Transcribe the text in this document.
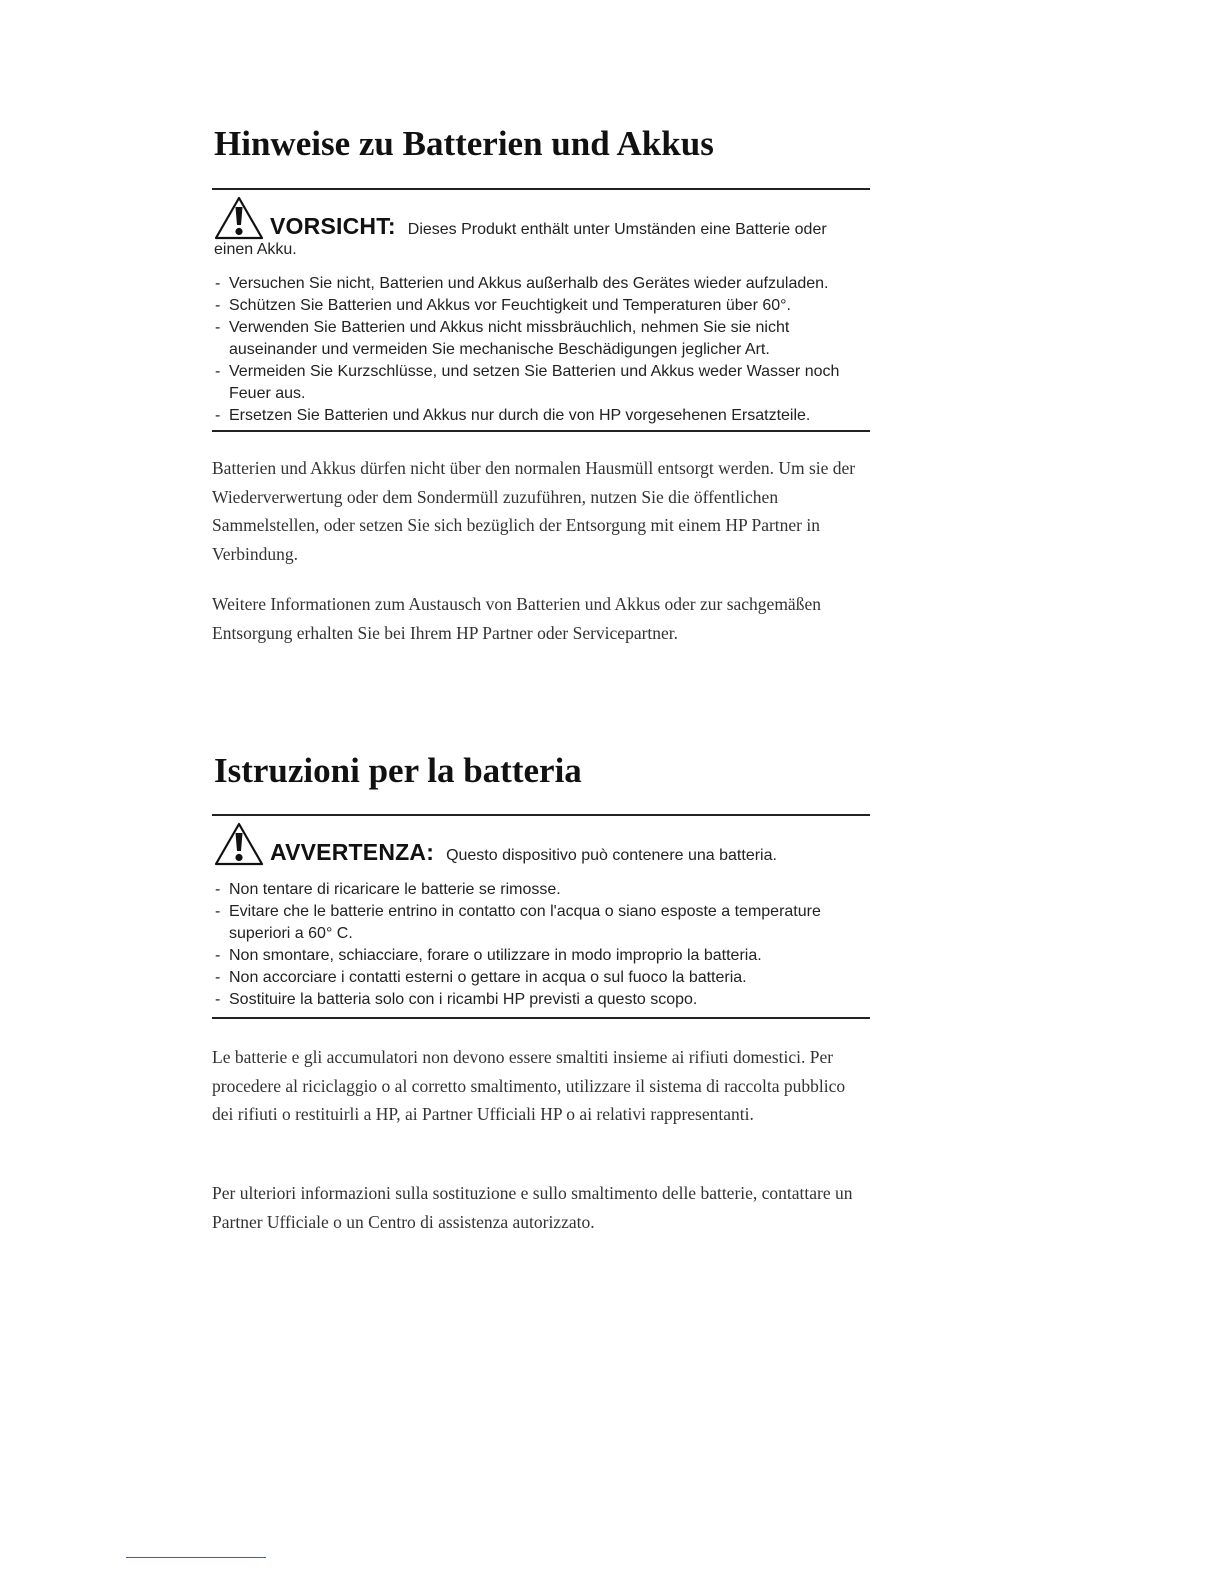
Hinweise zu Batterien und Akkus
VORSICHT: Dieses Produkt enthält unter Umständen eine Batterie oder
einen Akku.
- Versuchen Sie nicht, Batterien und Akkus außerhalb des Gerätes wieder aufzuladen.
- Schützen Sie Batterien und Akkus vor Feuchtigkeit und Temperaturen über 60°.
- Verwenden Sie Batterien und Akkus nicht missbräuchlich, nehmen Sie sie nicht auseinander und vermeiden Sie mechanische Beschädigungen jeglicher Art.
- Vermeiden Sie Kurzschlüsse, und setzen Sie Batterien und Akkus weder Wasser noch Feuer aus.
- Ersetzen Sie Batterien und Akkus nur durch die von HP vorgesehenen Ersatzteile.

Batterien und Akkus dürfen nicht über den normalen Hausmüll entsorgt werden. Um sie der Wiederverwertung oder dem Sondermüll zuzuführen, nutzen Sie die öffentlichen Sammelstellen, oder setzen Sie sich bezüglich der Entsorgung mit einem HP Partner in Verbindung.

Weitere Informationen zum Austausch von Batterien und Akkus oder zur sachgemäßen Entsorgung erhalten Sie bei Ihrem HP Partner oder Servicepartner.

Istruzioni per la batteria
AVVERTENZA: Questo dispositivo può contenere una batteria.
- Non tentare di ricaricare le batterie se rimosse.
- Evitare che le batterie entrino in contatto con l'acqua o siano esposte a temperature superiori a 60° C.
- Non smontare, schiacciare, forare o utilizzare in modo improprio la batteria.
- Non accorciare i contatti esterni o gettare in acqua o sul fuoco la batteria.
- Sostituire la batteria solo con i ricambi HP previsti a questo scopo.

Le batterie e gli accumulatori non devono essere smaltiti insieme ai rifiuti domestici. Per procedere al riciclaggio o al corretto smaltimento, utilizzare il sistema di raccolta pubblico dei rifiuti o restituirli a HP, ai Partner Ufficiali HP o ai relativi rappresentanti.

Per ulteriori informazioni sulla sostituzione e sullo smaltimento delle batterie, contattare un Partner Ufficiale o un Centro di assistenza autorizzato.
